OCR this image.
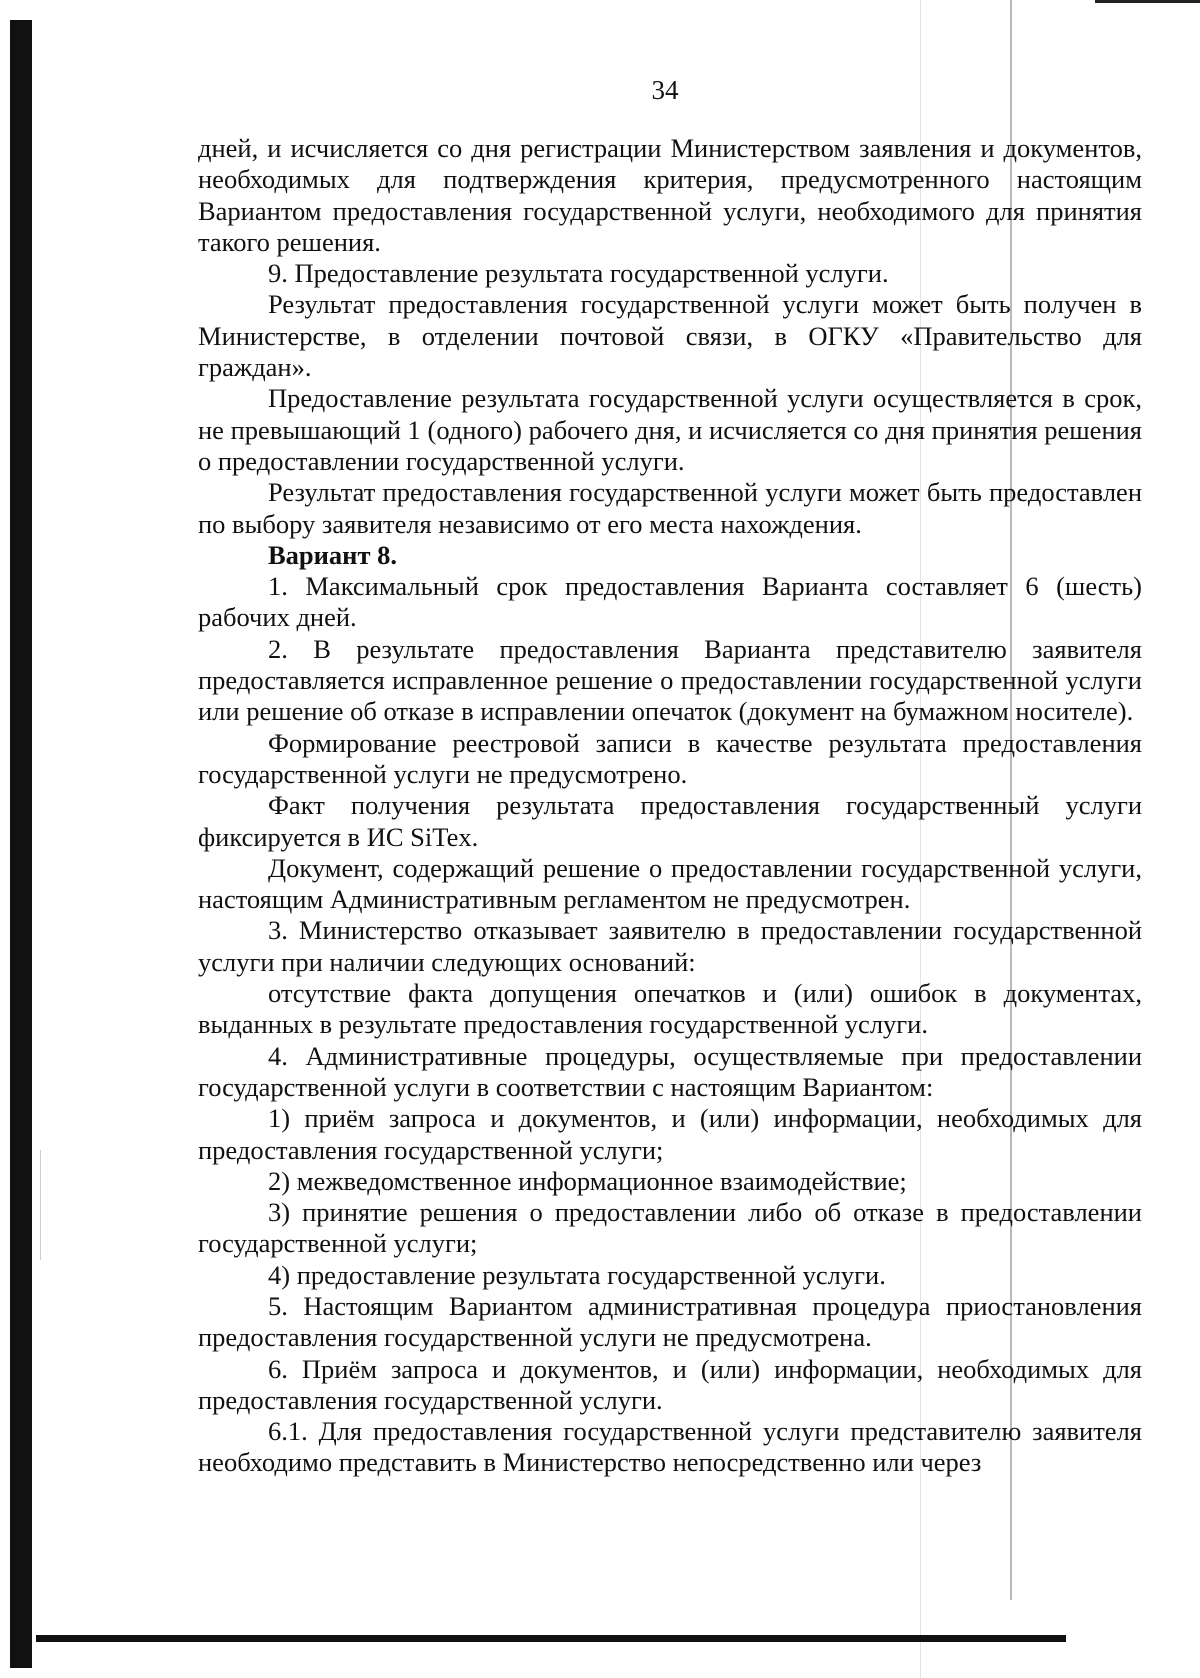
34

дней, и исчисляется со дня регистрации Министерством заявления и документов, необходимых для подтверждения критерия, предусмотренного настоящим Вариантом предоставления государственной услуги, необходимого для принятия такого решения.

9. Предоставление результата государственной услуги.

Результат предоставления государственной услуги может быть получен в Министерстве, в отделении почтовой связи, в ОГКУ «Правительство для граждан».

Предоставление результата государственной услуги осуществляется в срок, не превышающий 1 (одного) рабочего дня, и исчисляется со дня принятия решения о предоставлении государственной услуги.

Результат предоставления государственной услуги может быть предоставлен по выбору заявителя независимо от его места нахождения.

Вариант 8.

1. Максимальный срок предоставления Варианта составляет 6 (шесть) рабочих дней.

2. В результате предоставления Варианта представителю заявителя предоставляется исправленное решение о предоставлении государственной услуги или решение об отказе в исправлении опечаток (документ на бумажном носителе).

Формирование реестровой записи в качестве результата предоставления государственной услуги не предусмотрено.

Факт получения результата предоставления государственный услуги фиксируется в ИС SiTex.

Документ, содержащий решение о предоставлении государственной услуги, настоящим Административным регламентом не предусмотрен.

3. Министерство отказывает заявителю в предоставлении государственной услуги при наличии следующих оснований:

отсутствие факта допущения опечатков и (или) ошибок в документах, выданных в результате предоставления государственной услуги.

4. Административные процедуры, осуществляемые при предоставлении государственной услуги в соответствии с настоящим Вариантом:

1) приём запроса и документов, и (или) информации, необходимых для предоставления государственной услуги;

2) межведомственное информационное взаимодействие;

3) принятие решения о предоставлении либо об отказе в предоставлении государственной услуги;

4) предоставление результата государственной услуги.

5. Настоящим Вариантом административная процедура приостановления предоставления государственной услуги не предусмотрена.

6. Приём запроса и документов, и (или) информации, необходимых для предоставления государственной услуги.

6.1. Для предоставления государственной услуги представителю заявителя необходимо представить в Министерство непосредственно или через
